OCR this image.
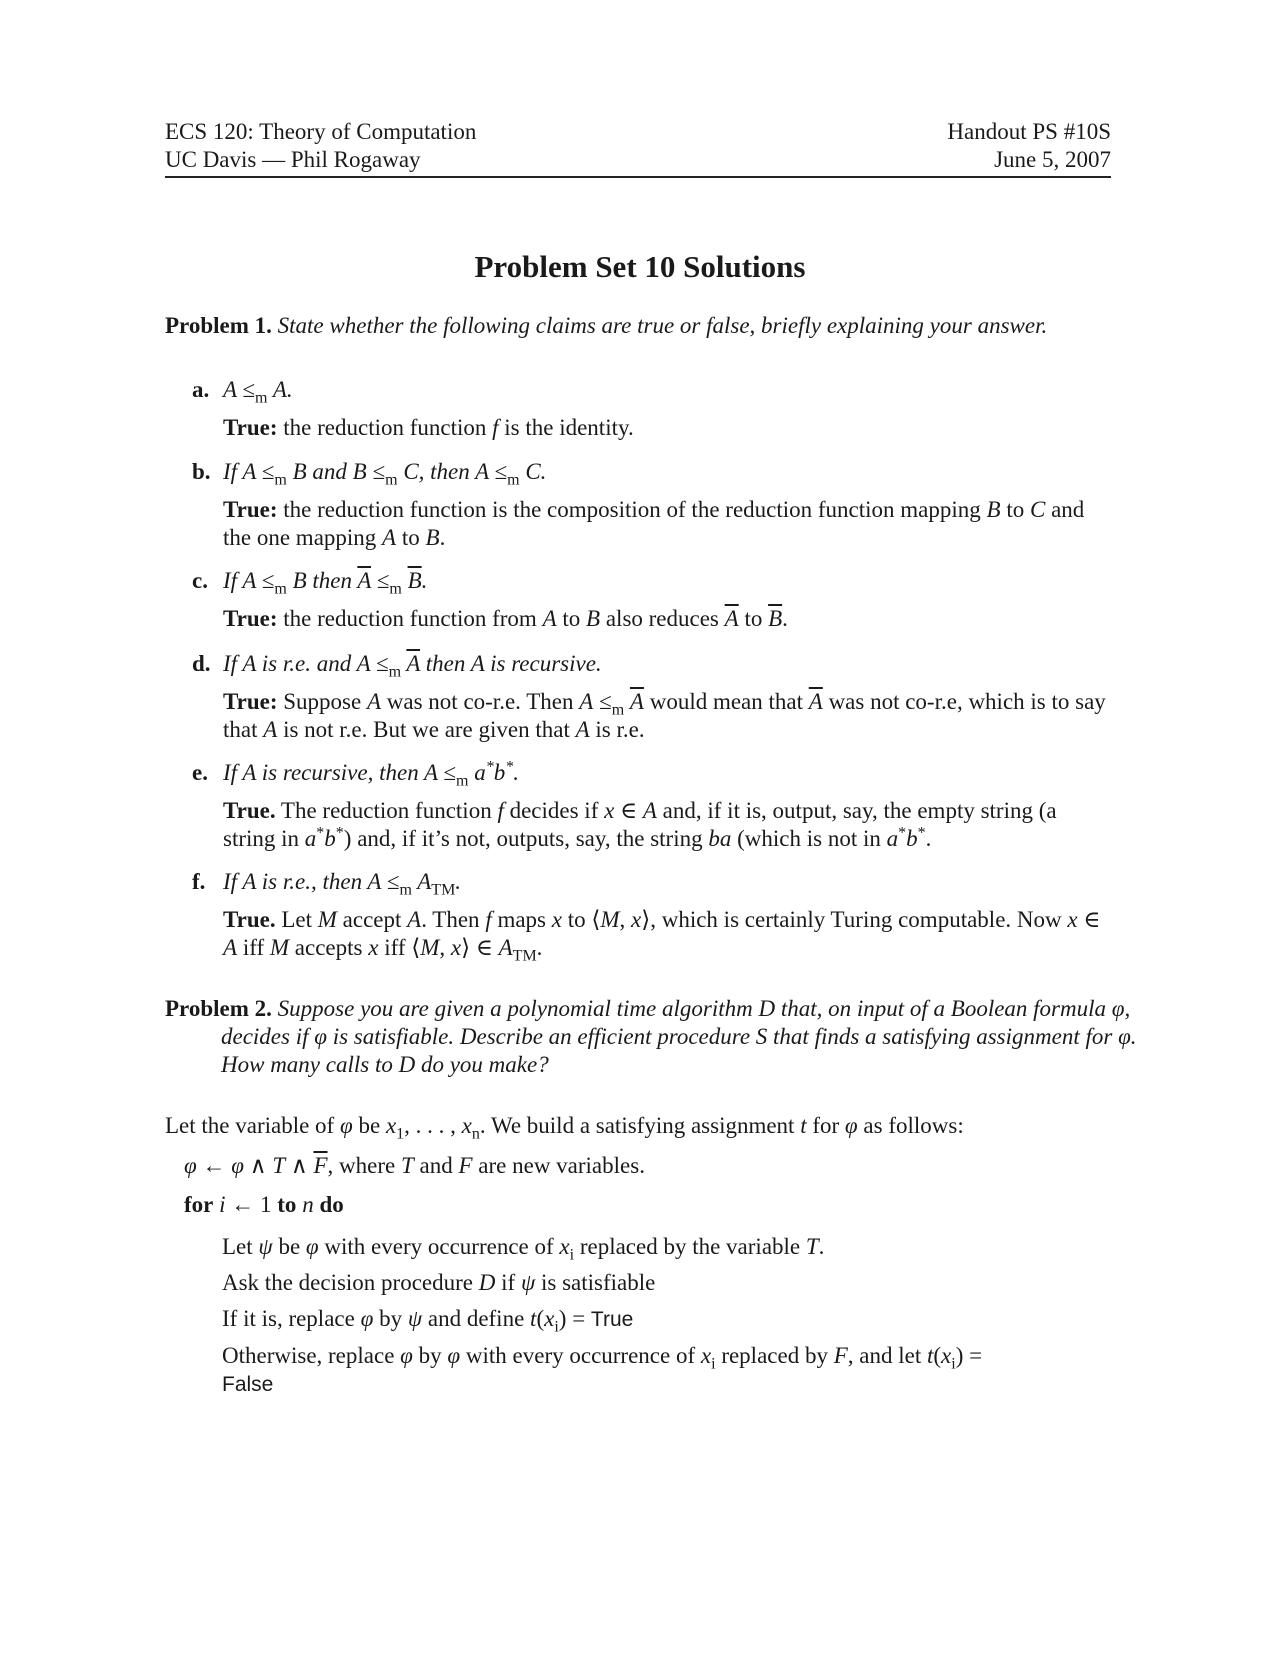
ECS 120: Theory of Computation	Handout PS #10S
UC Davis — Phil Rogaway	June 5, 2007
Problem Set 10 Solutions
Problem 1. State whether the following claims are true or false, briefly explaining your answer.
a. $A \le_m$ A.
True: the reduction function f is the identity.
b. If $A \le_m$ B and $B \le_m$ C, then $A \le_m$ C.
True: the reduction function is the composition of the reduction function mapping B to C and the one mapping A to B.
c. If $A \le_m$ B then $\overline{A} \le_m$ $\overline{B}$.
True: the reduction function from A to B also reduces $\overline{A}$ to $\overline{B}$.
d. If A is r.e. and $A \le_m$ $\overline{A}$ then A is recursive.
True: Suppose A was not co-r.e. Then $A \le_m$ $\overline{A}$ would mean that $\overline{A}$ was not co-r.e, which is to say that A is not r.e. But we are given that A is r.e.
e. If A is recursive, then $A \le_m$ a*b*.
True. The reduction function f decides if x ∈ A and, if it is, output, say, the empty string (a string in a*b*) and, if it’s not, outputs, say, the string ba (which is not in a*b*.
f. If A is r.e., then $A \le_m$ $A_{TM}$.
True. Let M accept A. Then f maps x to ⟨M, x⟩, which is certainly Turing computable. Now x ∈ A iff M accepts x iff ⟨M, x⟩ ∈ $A_{TM}$.
Problem 2. Suppose you are given a polynomial time algorithm D that, on input of a Boolean formula φ, decides if φ is satisfiable. Describe an efficient procedure S that finds a satisfying assignment for φ. How many calls to D do you make?
Let the variable of φ be $x_1$, . . . , $x_n$. We build a satisfying assignment t for φ as follows:
φ ← φ ∧ T ∧ $\overline{F}$, where T and F are new variables.
for i ← 1 to n do
Let ψ be φ with every occurrence of $x_i$ replaced by the variable T.
Ask the decision procedure D if ψ is satisfiable
If it is, replace φ by ψ and define $t(x_i)$ = True
Otherwise, replace φ by φ with every occurrence of $x_i$ replaced by F, and let $t(x_i)$ =
False
